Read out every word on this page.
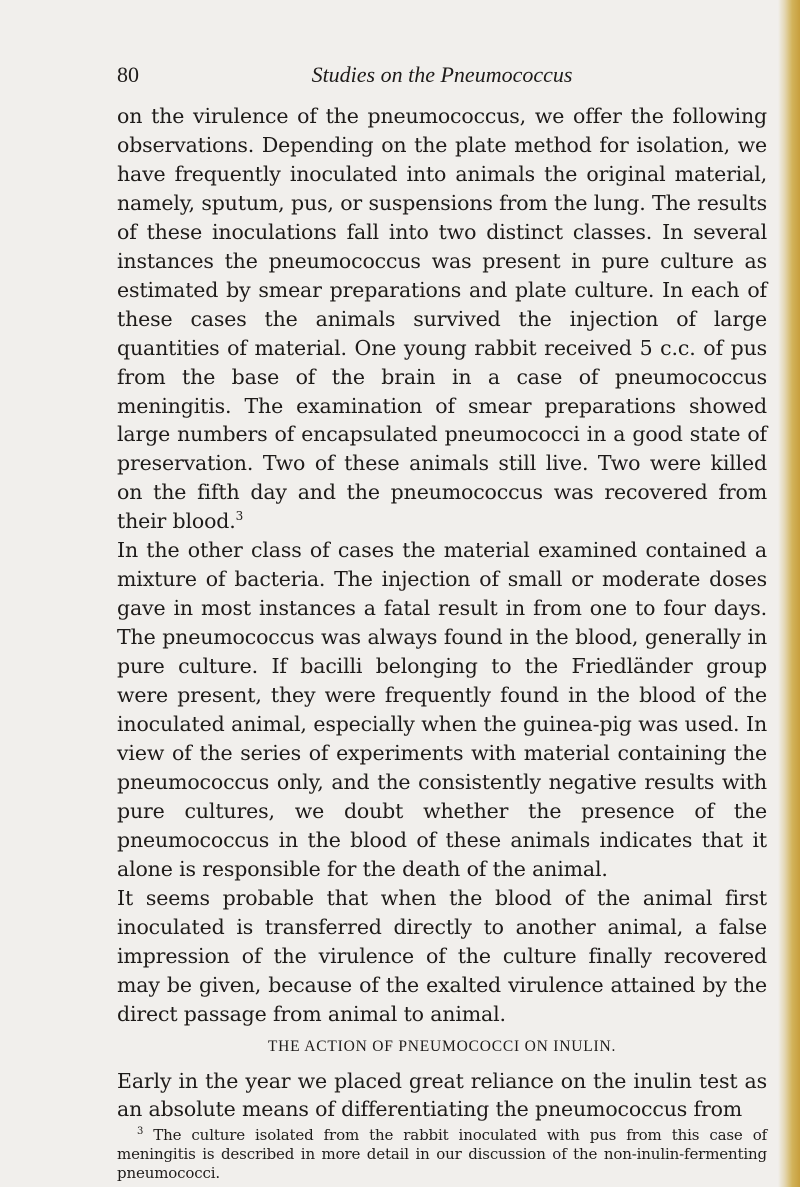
80	Studies on the Pneumococcus

on the virulence of the pneumococcus, we offer the following observations. Depending on the plate method for isolation, we have frequently inoculated into animals the original material, namely, sputum, pus, or suspensions from the lung. The results of these inoculations fall into two distinct classes. In several instances the pneumococcus was present in pure culture as estimated by smear preparations and plate culture. In each of these cases the animals survived the injection of large quantities of material. One young rabbit received 5 c.c. of pus from the base of the brain in a case of pneumococcus meningitis. The examination of smear preparations showed large numbers of encapsulated pneumococci in a good state of preservation. Two of these animals still live. Two were killed on the fifth day and the pneumococcus was recovered from their blood.$^3$

In the other class of cases the material examined contained a mixture of bacteria. The injection of small or moderate doses gave in most instances a fatal result in from one to four days. The pneumococcus was always found in the blood, generally in pure culture. If bacilli belonging to the Friedländer group were present, they were frequently found in the blood of the inoculated animal, especially when the guinea-pig was used. In view of the series of experiments with material containing the pneumococcus only, and the consistently negative results with pure cultures, we doubt whether the presence of the pneumococcus in the blood of these animals indicates that it alone is responsible for the death of the animal.

It seems probable that when the blood of the animal first inoculated is transferred directly to another animal, a false impression of the virulence of the culture finally recovered may be given, because of the exalted virulence attained by the direct passage from animal to animal.

THE ACTION OF PNEUMOCOCCI ON INULIN.

Early in the year we placed great reliance on the inulin test as an absolute means of differentiating the pneumococcus from

$^3$ The culture isolated from the rabbit inoculated with pus from this case of meningitis is described in more detail in our discussion of the non-inulin-fermenting pneumococci.
